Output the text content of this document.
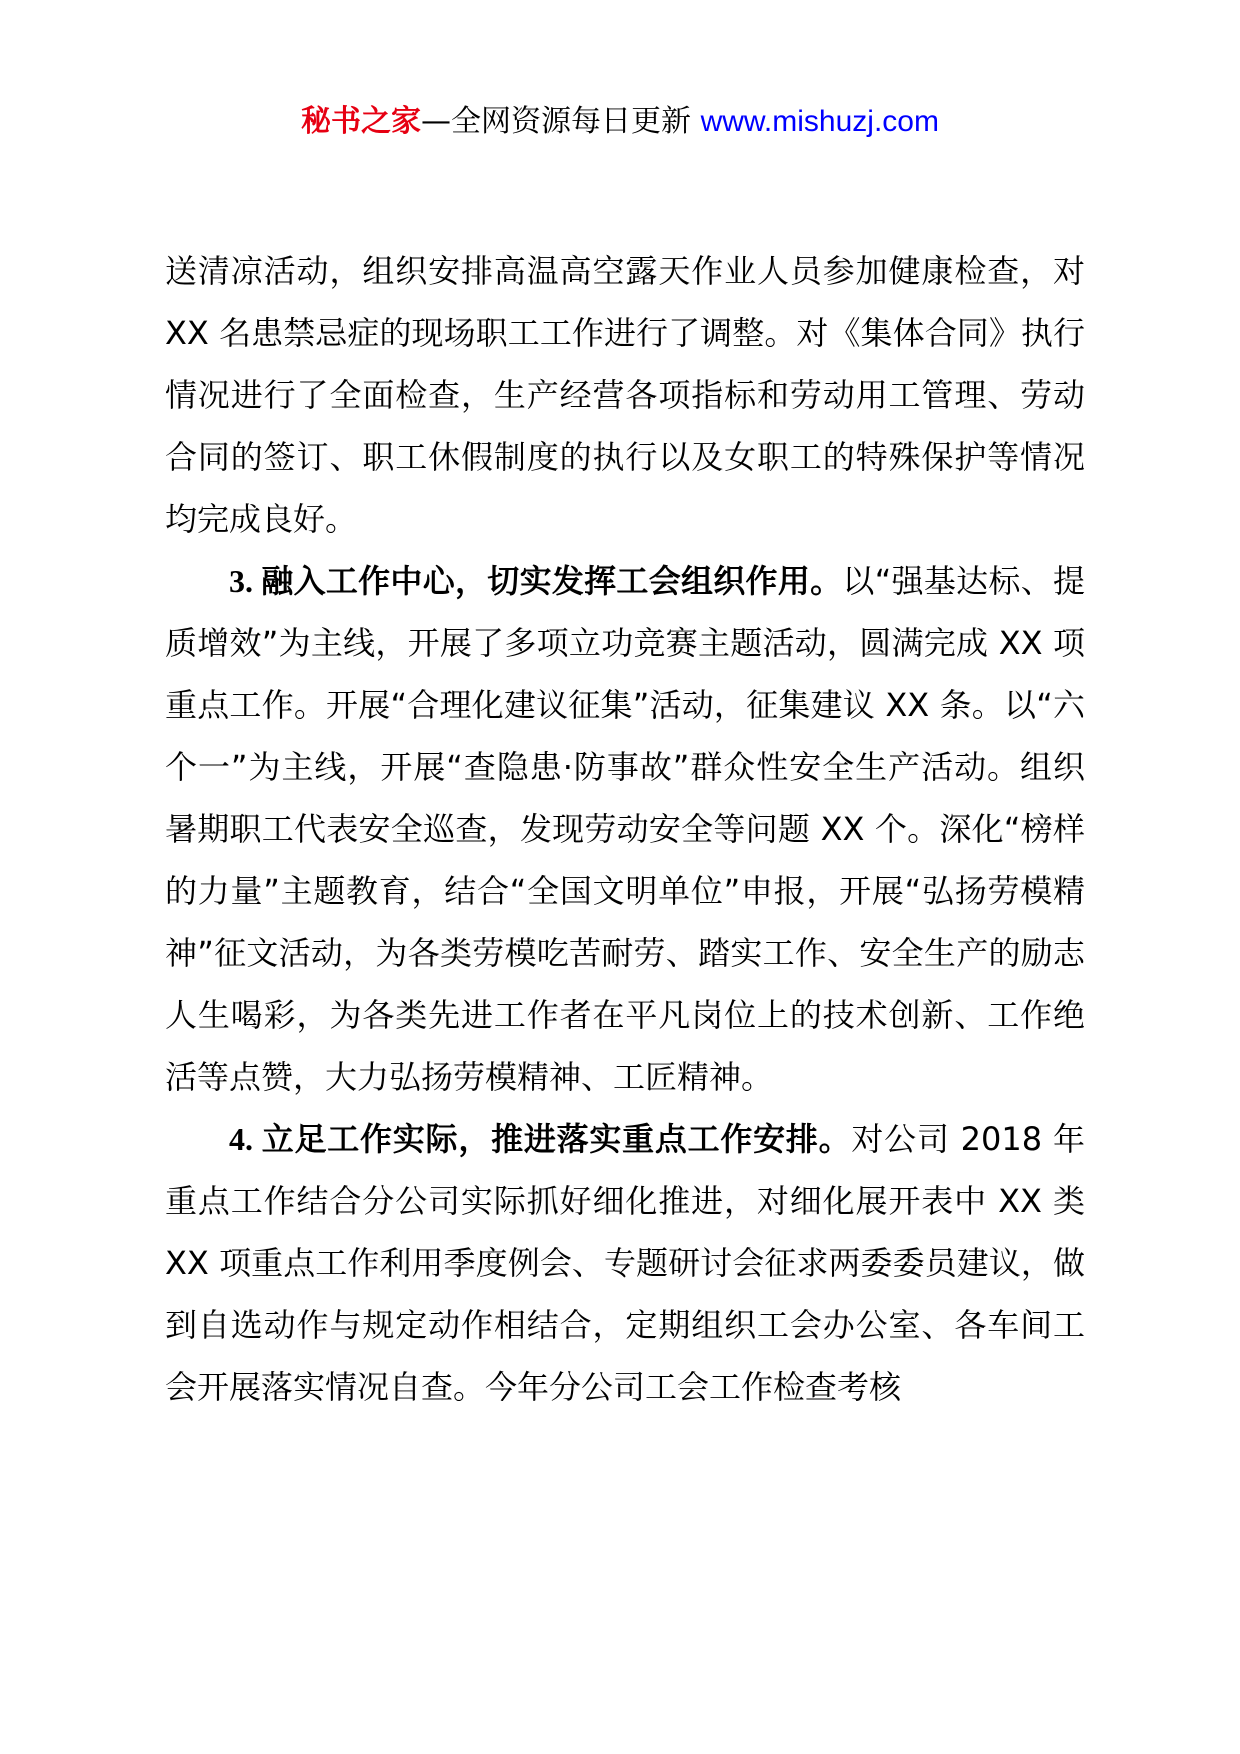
秘书之家—全网资源每日更新 www.mishuzj.com

送清凉活动，组织安排高温高空露天作业人员参加健康检查，对 XX 名患禁忌症的现场职工工作进行了调整。对《集体合同》执行情况进行了全面检查，生产经营各项指标和劳动用工管理、劳动合同的签订、职工休假制度的执行以及女职工的特殊保护等情况均完成良好。

3. 融入工作中心，切实发挥工会组织作用。以“强基达标、提质增效”为主线，开展了多项立功竞赛主题活动，圆满完成 XX 项重点工作。开展“合理化建议征集”活动，征集建议 XX 条。以“六个一”为主线，开展“查隐患·防事故”群众性安全生产活动。组织暑期职工代表安全巡查，发现劳动安全等问题 XX 个。深化“榜样的力量”主题教育，结合“全国文明单位”申报，开展“弘扬劳模精神”征文活动，为各类劳模吃苦耐劳、踏实工作、安全生产的励志人生喝彩，为各类先进工作者在平凡岗位上的技术创新、工作绝活等点赞，大力弘扬劳模精神、工匠精神。

4. 立足工作实际，推进落实重点工作安排。对公司 2018 年重点工作结合分公司实际抓好细化推进，对细化展开表中 XX 类 XX 项重点工作利用季度例会、专题研讨会征求两委委员建议，做到自选动作与规定动作相结合，定期组织工会办公室、各车间工会开展落实情况自查。今年分公司工会工作检查考核
